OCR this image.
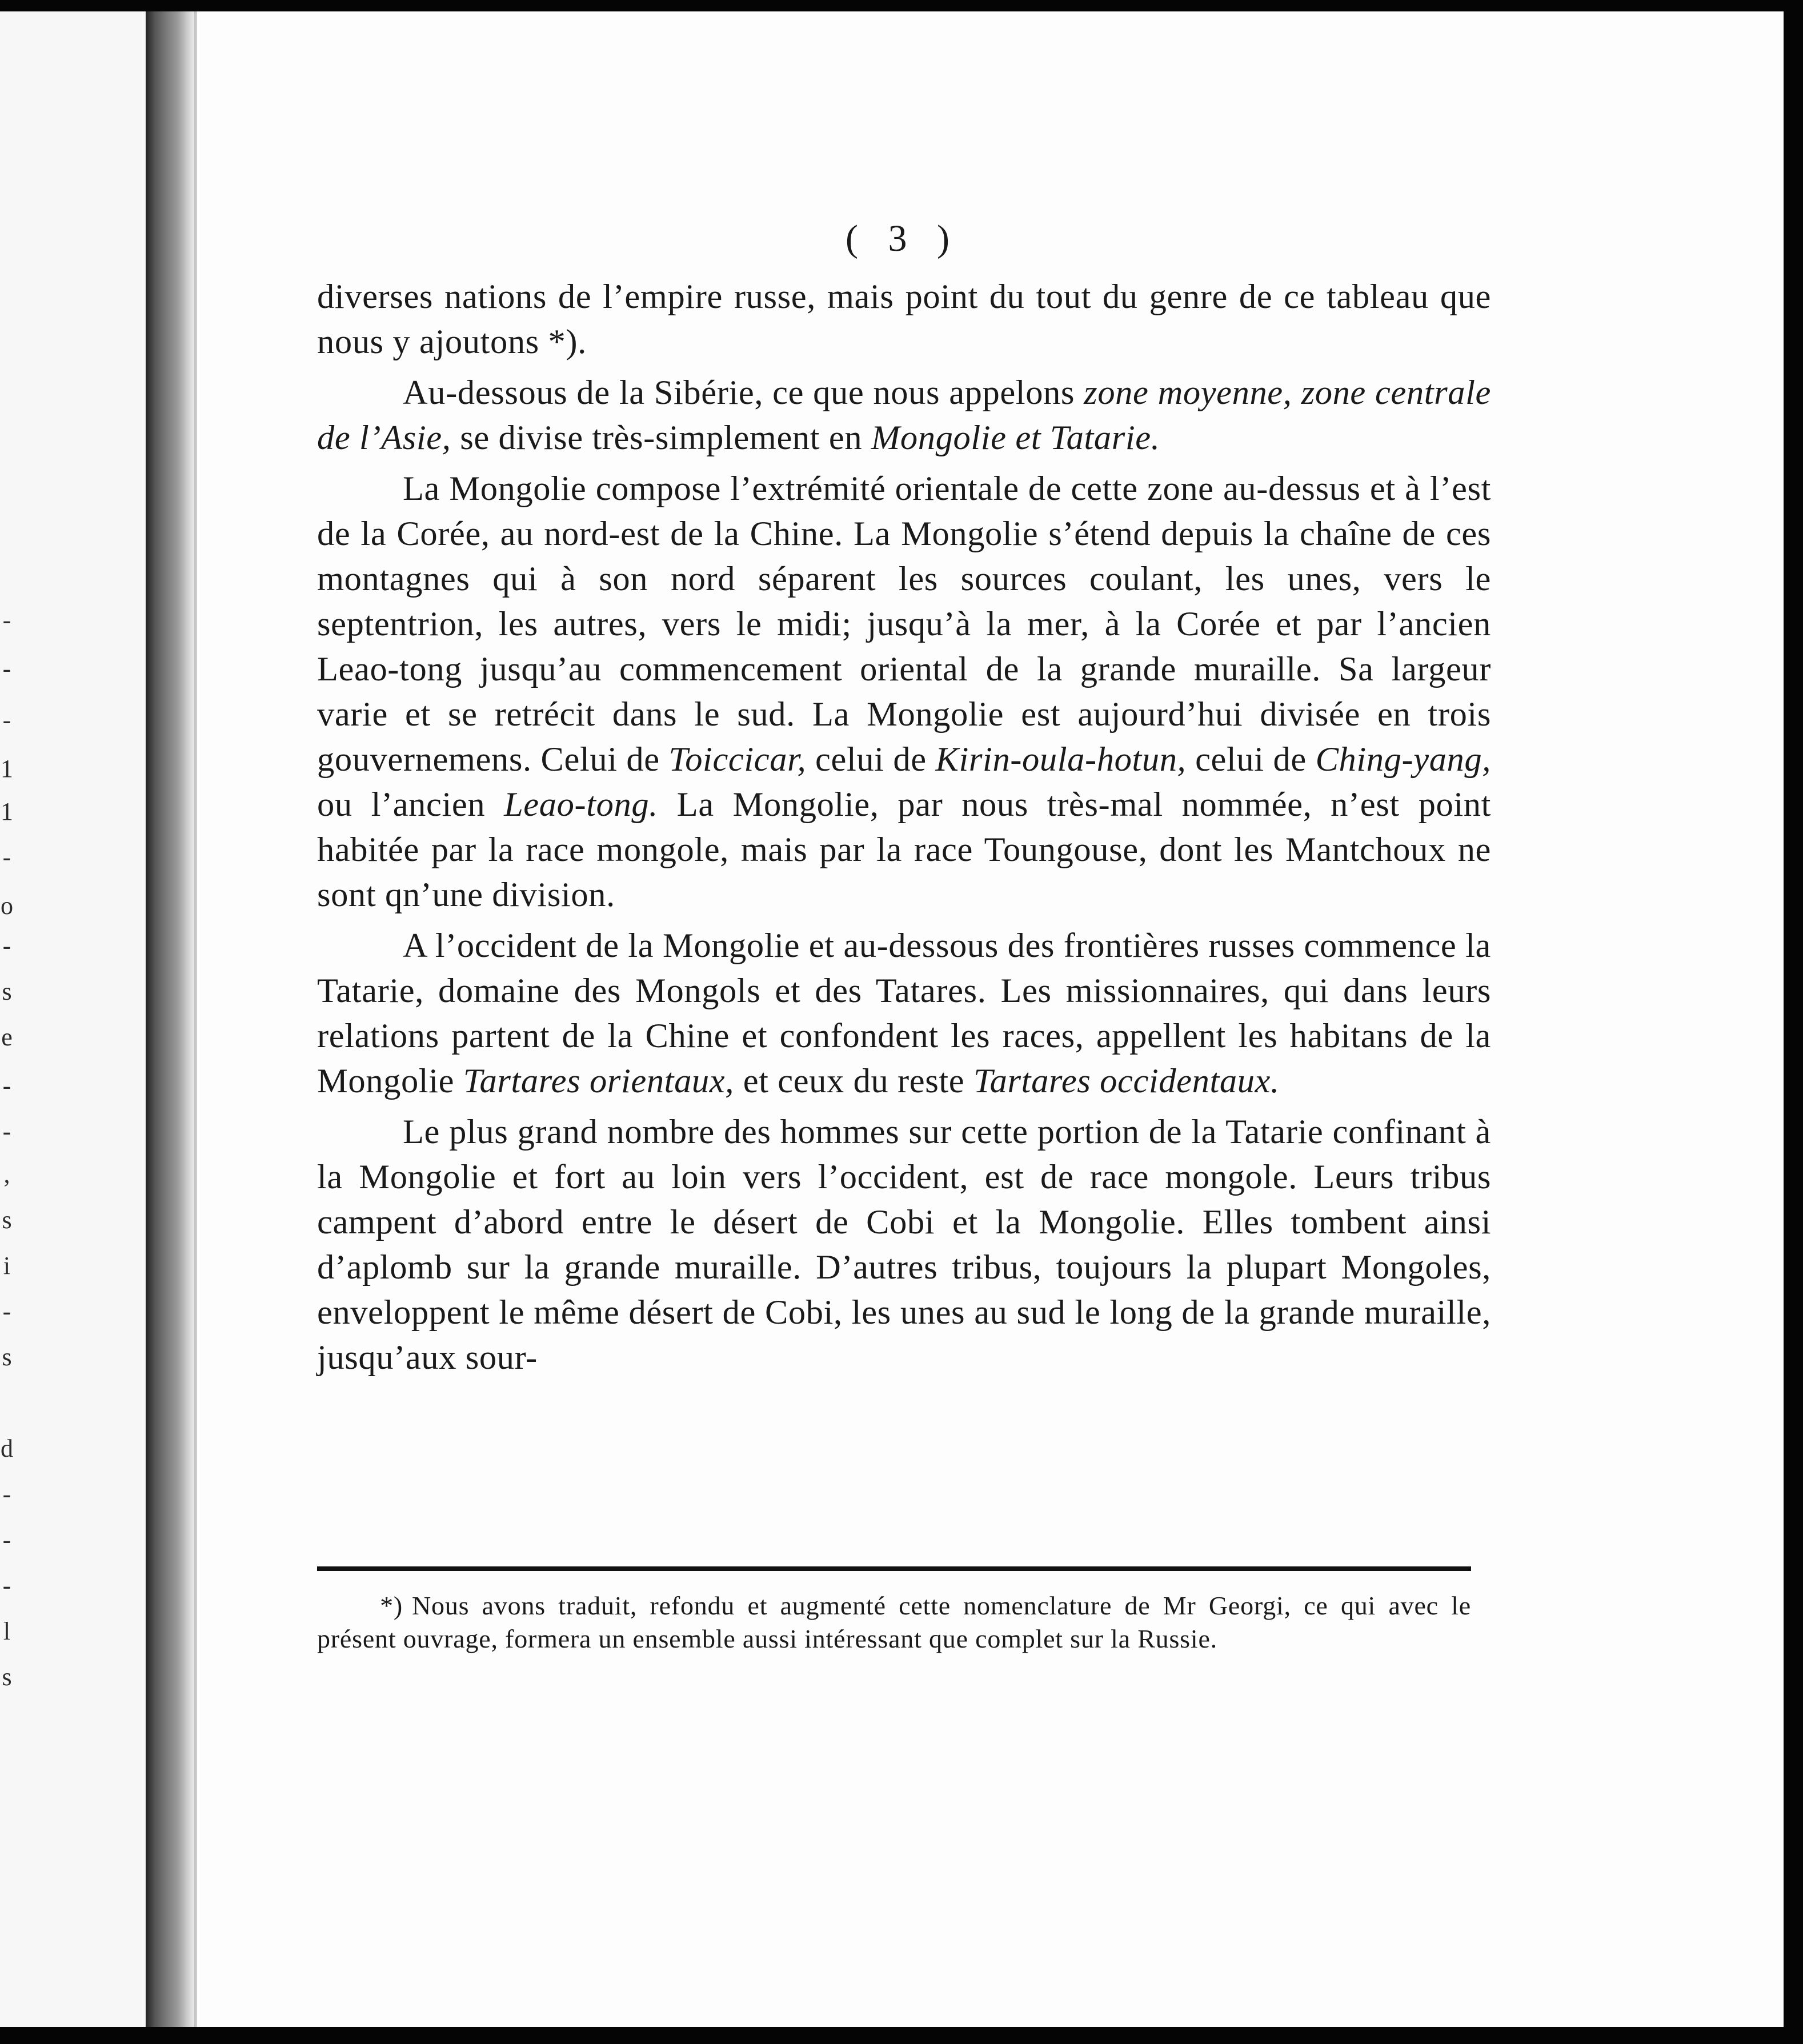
-
-
-
1
1
-
o
-
s
e
-
-
,
s
i
-
s
d
-
-
-
l
s
( 3 )

diverses nations de l’empire russe, mais point du tout du genre de ce tableau que nous y ajoutons *).

Au-dessous de la Sibérie, ce que nous appelons zone moyenne, zone centrale de l’Asie, se divise très-simplement en Mongolie et Tatarie.

La Mongolie compose l’extrémité orientale de cette zone au-dessus et à l’est de la Corée, au nord-est de la Chine. La Mongolie s’étend depuis la chaîne de ces montagnes qui à son nord séparent les sources coulant, les unes, vers le septentrion, les autres, vers le midi; jusqu’à la mer, à la Corée et par l’ancien Leao-tong jusqu’au commencement oriental de la grande muraille. Sa largeur varie et se retrécit dans le sud. La Mongolie est aujourd’hui divisée en trois gouvernemens. Celui de Toiccicar, celui de Kirin-oula-hotun, celui de Ching-yang, ou l’ancien Leao-tong. La Mongolie, par nous très-mal nommée, n’est point habitée par la race mongole, mais par la race Toungouse, dont les Mantchoux ne sont qn’une division.

A l’occident de la Mongolie et au-dessous des frontières russes commence la Tatarie, domaine des Mongols et des Tatares. Les missionnaires, qui dans leurs relations partent de la Chine et confondent les races, appellent les habitans de la Mongolie Tartares orientaux, et ceux du reste Tartares occidentaux.

Le plus grand nombre des hommes sur cette portion de la Tatarie confinant à la Mongolie et fort au loin vers l’occident, est de race mongole. Leurs tribus campent d’abord entre le désert de Cobi et la Mongolie. Elles tombent ainsi d’aplomb sur la grande muraille. D’autres tribus, toujours la plupart Mongoles, enveloppent le même désert de Cobi, les unes au sud le long de la grande muraille, jusqu’aux sour-

*) Nous avons traduit, refondu et augmenté cette nomenclature de Mr Georgi, ce qui avec le présent ouvrage, formera un ensemble aussi intéressant que complet sur la Russie.
